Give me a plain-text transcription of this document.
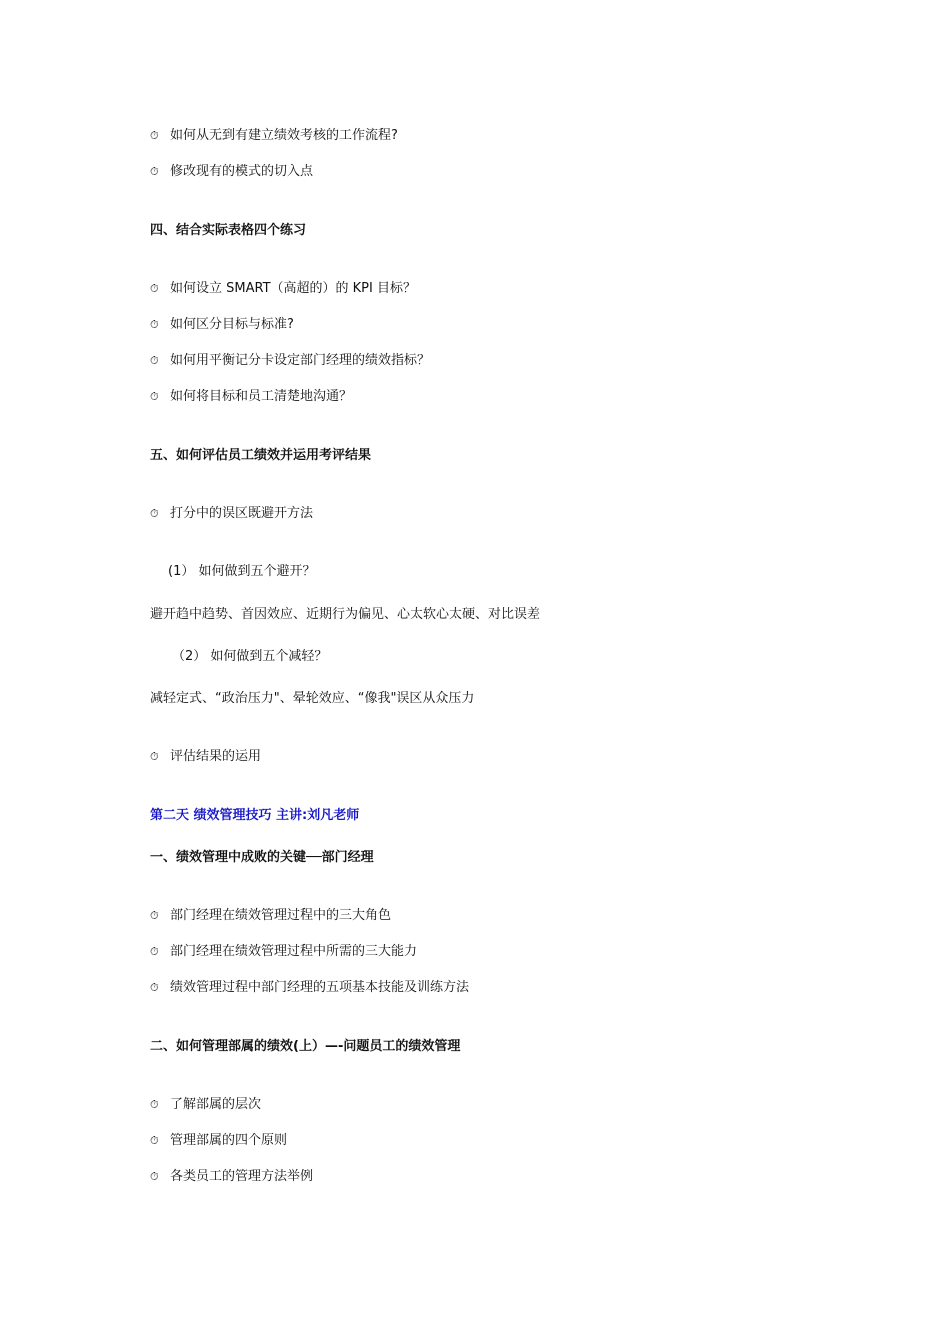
⏱ 如何从无到有建立绩效考核的工作流程?
⏱ 修改现有的模式的切入点
四、结合实际表格四个练习
⏱ 如何设立 SMART（高超的）的 KPI 目标？
⏱ 如何区分目标与标准?
⏱ 如何用平衡记分卡设定部门经理的绩效指标？
⏱ 如何将目标和员工清楚地沟通？
五、如何评估员工绩效并运用考评结果
⏱ 打分中的误区既避开方法
(1） 如何做到五个避开？
避开趋中趋势、首因效应、近期行为偏见、心太软心太硬、对比误差
（2） 如何做到五个减轻？
减轻定式、“政治压力"、晕轮效应、“像我"误区从众压力
⏱ 评估结果的运用
第二天 绩效管理技巧 主讲:刘凡老师
一、绩效管理中成败的关键──部门经理
⏱ 部门经理在绩效管理过程中的三大角色
⏱ 部门经理在绩效管理过程中所需的三大能力
⏱ 绩效管理过程中部门经理的五项基本技能及训练方法
二、如何管理部属的绩效(上）—-问题员工的绩效管理
⏱ 了解部属的层次
⏱ 管理部属的四个原则
⏱ 各类员工的管理方法举例
